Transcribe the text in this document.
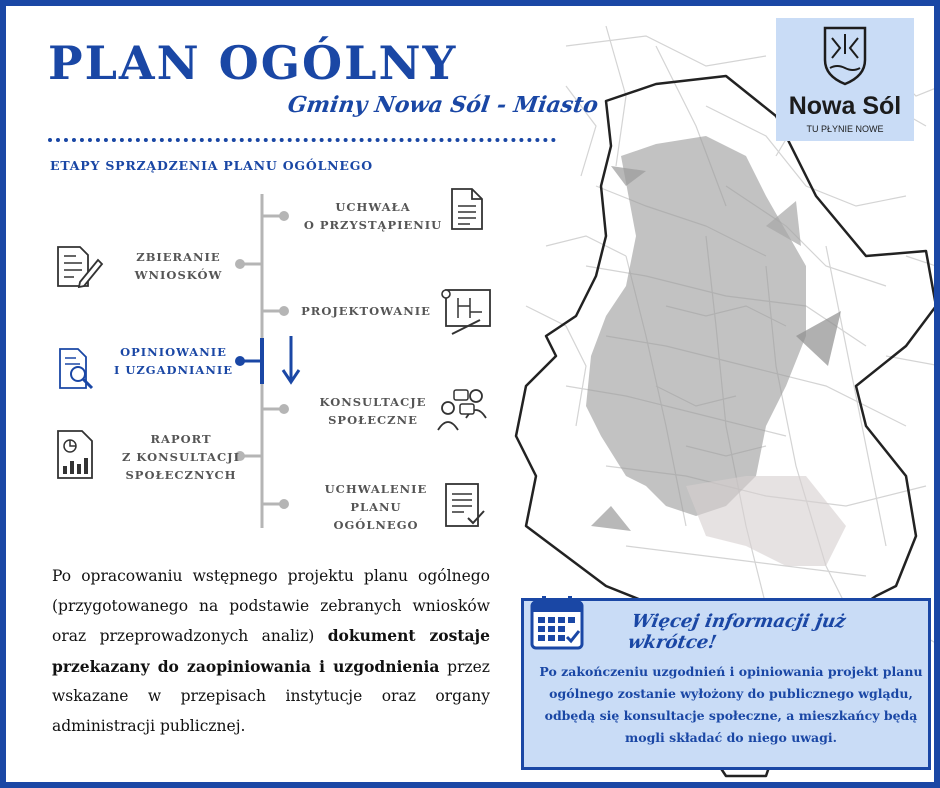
PLAN OGÓLNY
Gminy Nowa Sól - Miasto
ETAPY SPRZĄDZENIA PLANU OGÓLNEGO
UCHWAŁA
O PRZYSTĄPIENIU
ZBIERANIE
WNIOSKÓW
PROJEKTOWANIE
OPINIOWANIE
I UZGADNIANIE
KONSULTACJE
SPOŁECZNE
RAPORT
Z KONSULTACJI
SPOŁECZNYCH
UCHWALENIE
PLANU
OGÓLNEGO
Nowa Sól
TU PŁYNIE NOWE

Po opracowaniu wstępnego projektu planu ogólnego (przygotowanego na podstawie zebranych wniosków oraz przeprowadzonych analiz) dokument zostaje przekazany do zaopiniowania i uzgodnienia przez wskazane w przepisach instytucje oraz organy administracji publicznej.

Więcej informacji już wkrótce!
Po zakończeniu uzgodnień i opiniowania projekt planu ogólnego zostanie wyłożony do publicznego wglądu, odbędą się konsultacje społeczne, a mieszkańcy będą mogli składać do niego uwagi.
